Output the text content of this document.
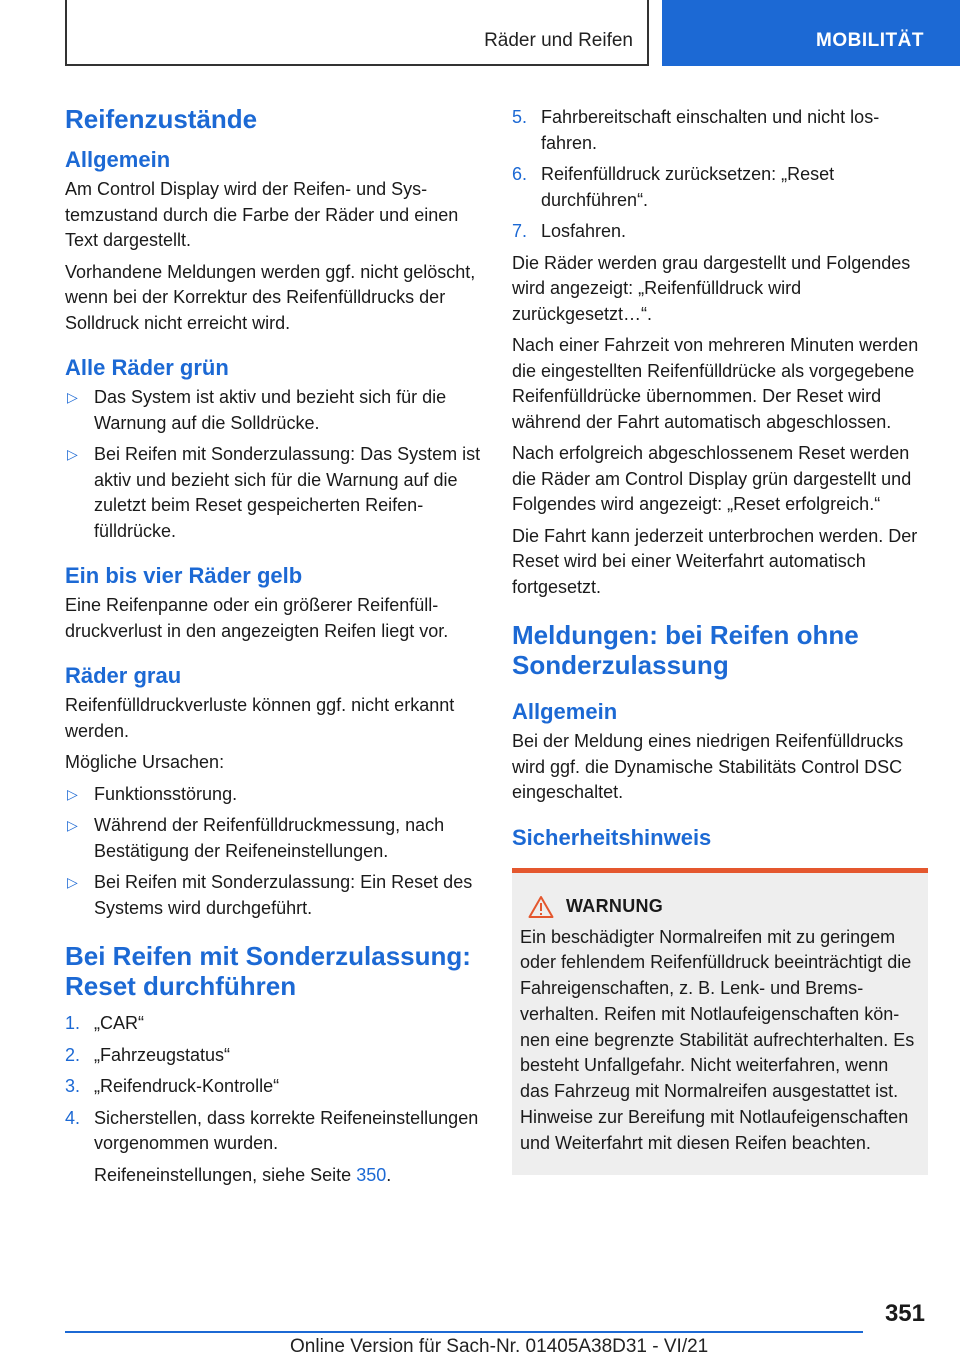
Räder und Reifen	MOBILITÄT
Reifenzustände
Allgemein

Am Control Display wird der Reifen- und Systemzustand durch die Farbe der Räder und einen Text dargestellt.

Vorhandene Meldungen werden ggf. nicht gelöscht, wenn bei der Korrektur des Reifenfülldrucks der Solldruck nicht erreicht wird.

Alle Räder grün
▷ Das System ist aktiv und bezieht sich für die Warnung auf die Solldrücke.
▷ Bei Reifen mit Sonderzulassung: Das System ist aktiv und bezieht sich für die Warnung auf die zuletzt beim Reset gespeicherten Reifenfülldrücke.
Ein bis vier Räder gelb

Eine Reifenpanne oder ein größerer Reifenfülldruckverlust in den angezeigten Reifen liegt vor.

Räder grau

Reifenfülldruckverluste können ggf. nicht erkannt werden.

Mögliche Ursachen:

▷ Funktionsstörung.
▷ Während der Reifenfülldruckmessung, nach Bestätigung der Reifeneinstellungen.
▷ Bei Reifen mit Sonderzulassung: Ein Reset des Systems wird durchgeführt.
Bei Reifen mit Sonderzulassung: Reset durchführen
1. „CAR“
2. „Fahrzeugstatus“
3. „Reifendruck-Kontrolle“
4. Sicherstellen, dass korrekte Reifeneinstellungen vorgenommen wurden.
Reifeneinstellungen, siehe Seite 350.
5. Fahrbereitschaft einschalten und nicht losfahren.
6. Reifenfülldruck zurücksetzen: „Reset durchführen“.
7. Losfahren.

Die Räder werden grau dargestellt und Folgendes wird angezeigt: „Reifenfülldruck wird zurückgesetzt…“.

Nach einer Fahrzeit von mehreren Minuten werden die eingestellten Reifenfülldrücke als vorgegebene Reifenfülldrücke übernommen. Der Reset wird während der Fahrt automatisch abgeschlossen.

Nach erfolgreich abgeschlossenem Reset werden die Räder am Control Display grün dargestellt und Folgendes wird angezeigt: „Reset erfolgreich.“

Die Fahrt kann jederzeit unterbrochen werden. Der Reset wird bei einer Weiterfahrt automatisch fortgesetzt.

Meldungen: bei Reifen ohne Sonderzulassung
Allgemein

Bei der Meldung eines niedrigen Reifenfülldrucks wird ggf. die Dynamische Stabilitäts Control DSC eingeschaltet.

Sicherheitshinweis
WARNUNG

Ein beschädigter Normalreifen mit zu geringem oder fehlendem Reifenfülldruck beeinträchtigt die Fahreigenschaften, z. B. Lenk- und Bremsverhalten. Reifen mit Notlaufeigenschaften können eine begrenzte Stabilität aufrechterhalten. Es besteht Unfallgefahr. Nicht weiterfahren, wenn das Fahrzeug mit Normalreifen ausgestattet ist. Hinweise zur Bereifung mit Notlaufeigenschaften und Weiterfahrt mit diesen Reifen beachten.

351
Online Version für Sach-Nr. 01405A38D31 - VI/21
